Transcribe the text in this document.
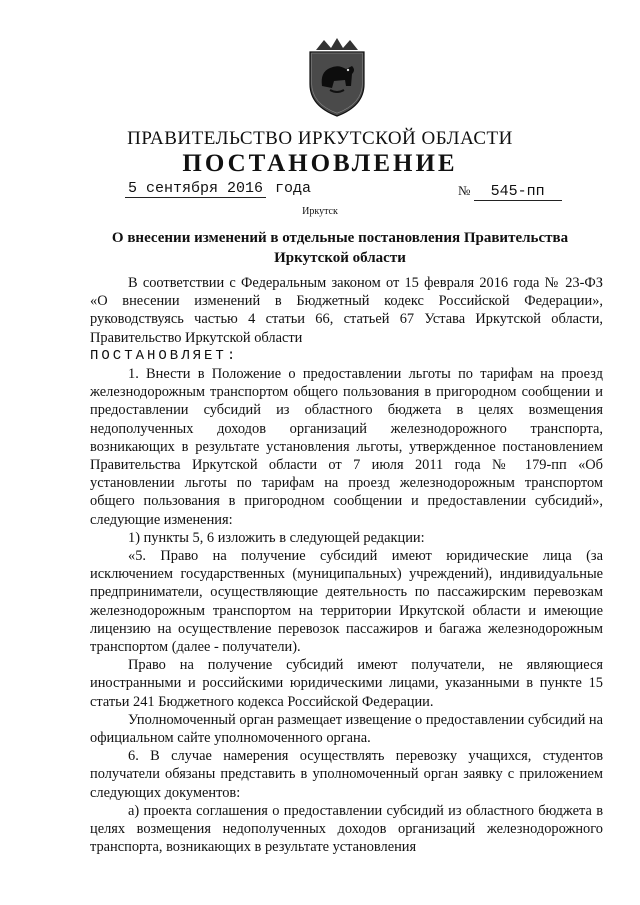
ПРАВИТЕЛЬСТВО ИРКУТСКОЙ ОБЛАСТИ
ПОСТАНОВЛЕНИЕ
5 сентября 2016 года	№ 545-пп
Иркутск
О внесении изменений в отдельные постановления Правительства
Иркутской области

В соответствии с Федеральным законом от 15 февраля 2016 года № 23-ФЗ «О внесении изменений в Бюджетный кодекс Российской Федерации», руководствуясь частью 4 статьи 66, статьей 67 Устава Иркутской области, Правительство Иркутской области

ПОСТАНОВЛЯЕТ:

1. Внести в Положение о предоставлении льготы по тарифам на проезд железнодорожным транспортом общего пользования в пригородном сообщении и предоставлении субсидий из областного бюджета в целях возмещения недополученных доходов организаций железнодорожного транспорта, возникающих в результате установления льготы, утвержденное постановлением Правительства Иркутской области от 7 июля 2011 года № 179-пп «Об установлении льготы по тарифам на проезд железнодорожным транспортом общего пользования в пригородном сообщении и предоставлении субсидий», следующие изменения:

1) пункты 5, 6 изложить в следующей редакции:

«5. Право на получение субсидий имеют юридические лица (за исключением государственных (муниципальных) учреждений), индивидуальные предприниматели, осуществляющие деятельность по пассажирским перевозкам железнодорожным транспортом на территории Иркутской области и имеющие лицензию на осуществление перевозок пассажиров и багажа железнодорожным транспортом (далее - получатели).

Право на получение субсидий имеют получатели, не являющиеся иностранными и российскими юридическими лицами, указанными в пункте 15 статьи 241 Бюджетного кодекса Российской Федерации.

Уполномоченный орган размещает извещение о предоставлении субсидий на официальном сайте уполномоченного органа.

6. В случае намерения осуществлять перевозку учащихся, студентов получатели обязаны представить в уполномоченный орган заявку с приложением следующих документов:

а) проекта соглашения о предоставлении субсидий из областного бюджета в целях возмещения недополученных доходов организаций железнодорожного транспорта, возникающих в результате установления
